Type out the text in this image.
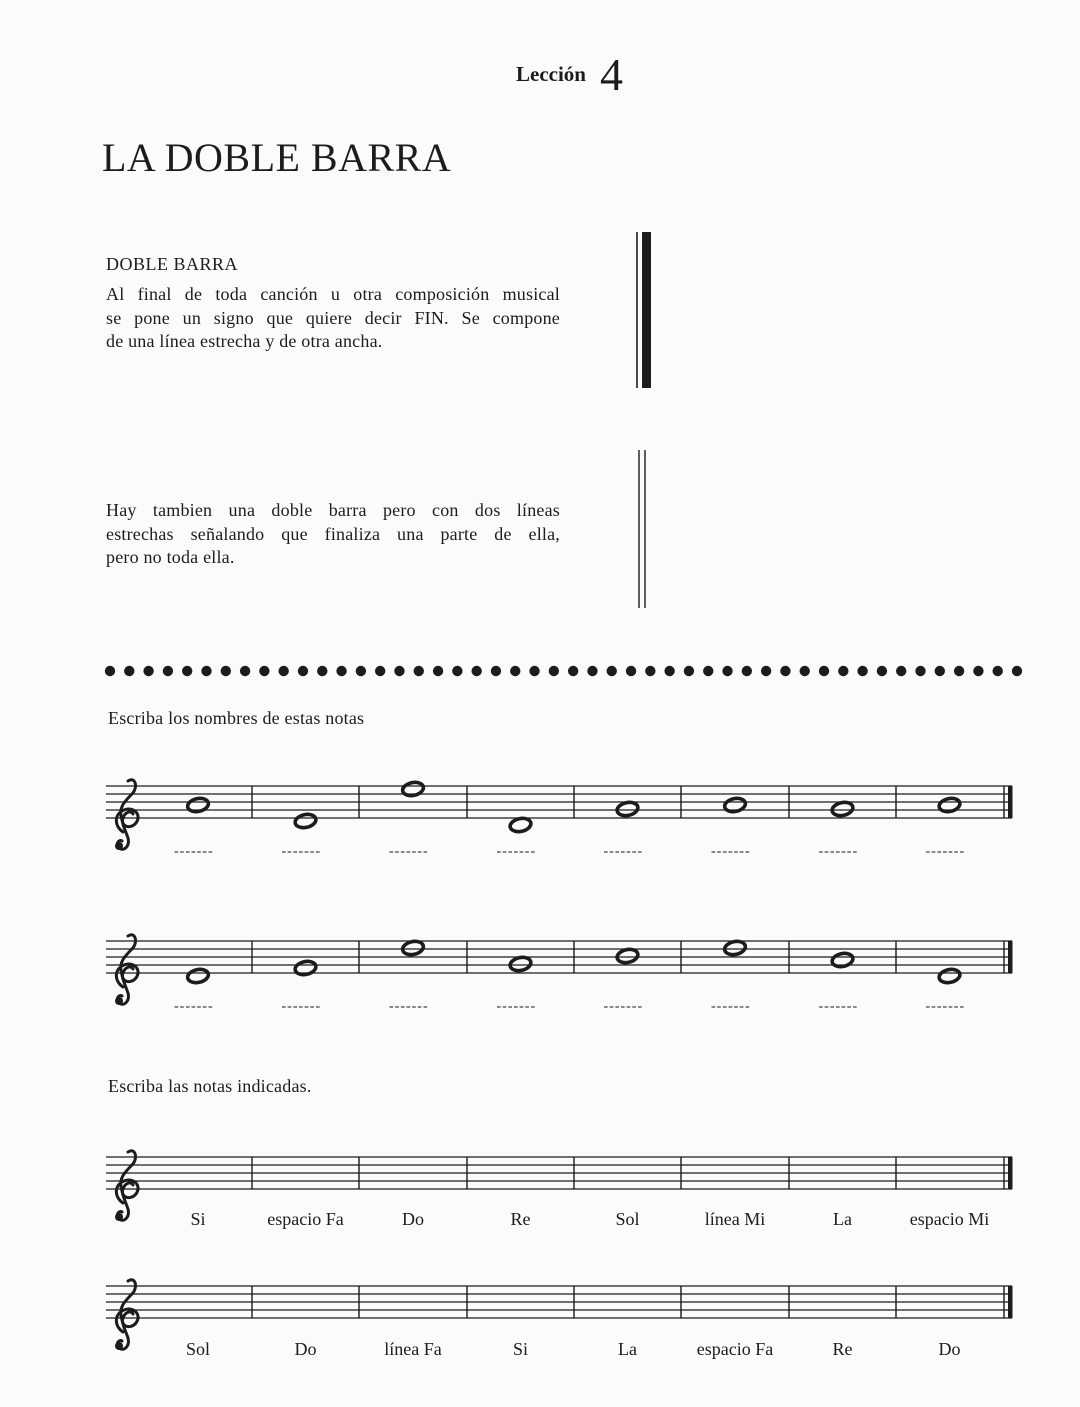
Lección 4
LA DOBLE BARRA
DOBLE BARRA
Al final de toda canción u otra composición musical
se pone un signo que quiere decir FIN. Se compone
de una línea estrecha y de otra ancha.
Hay tambien una doble barra pero con dos líneas
estrechas señalando que finaliza una parte de ella,
pero no toda ella.
Escriba los nombres de estas notas
Escriba las notas indicadas.
-------	-------	-------	-------	-------	-------	-------	-------
-------	-------	-------	-------	-------	-------	-------	-------
Si	espacio Fa	Do	Re	Sol	línea Mi	La	espacio Mi
Sol	Do	línea Fa	Si	La	espacio Fa	Re	Do
